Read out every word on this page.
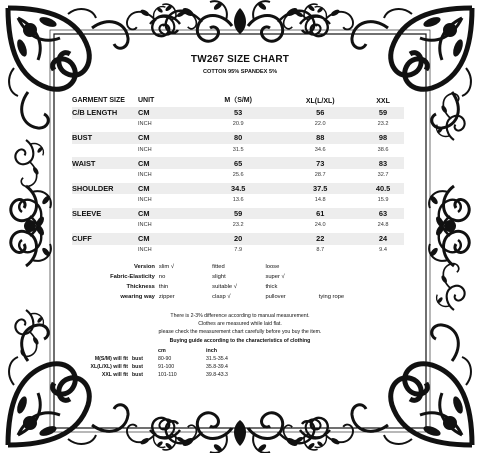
TW267 SIZE CHART
COTTON 95% SPANDEX 5%
GARMENT SIZE	UNIT	M（S/M)	XL(L/XL)	XXL
C/B LENGTH	CM	53	56	59
	INCH	20.9	22.0	23.2
BUST	CM	80	88	98
	INCH	31.5	34.6	38.6
WAIST	CM	65	73	83
	INCH	25.6	28.7	32.7
SHOULDER	CM	34.5	37.5	40.5
	INCH	13.6	14.8	15.9
SLEEVE	CM	59	61	63
	INCH	23.2	24.0	24.8
CUFF	CM	20	22	24
	INCH	7.9	8.7	9.4
Version	slim √	fitted	loose	
Fabric-Elasticity	no	slight	super √	
Thickness	thin	suitable √	thick	
wearing way	zipper	clasp √	pullover	tying rope
There is 2-3% difference according to manual measurement.
Clothes are measured while laid flat.
please check the measurement chart carefully before you buy the item.
Buying guide according to the characteristics of clothing
		cm	inch
M(S/M) will fit	bust	80-90	31.5-35.4
XL(L/XL) will fit	bust	91-100	35.8-39.4
XXL will fit	bust	101-110	39.8-43.3
